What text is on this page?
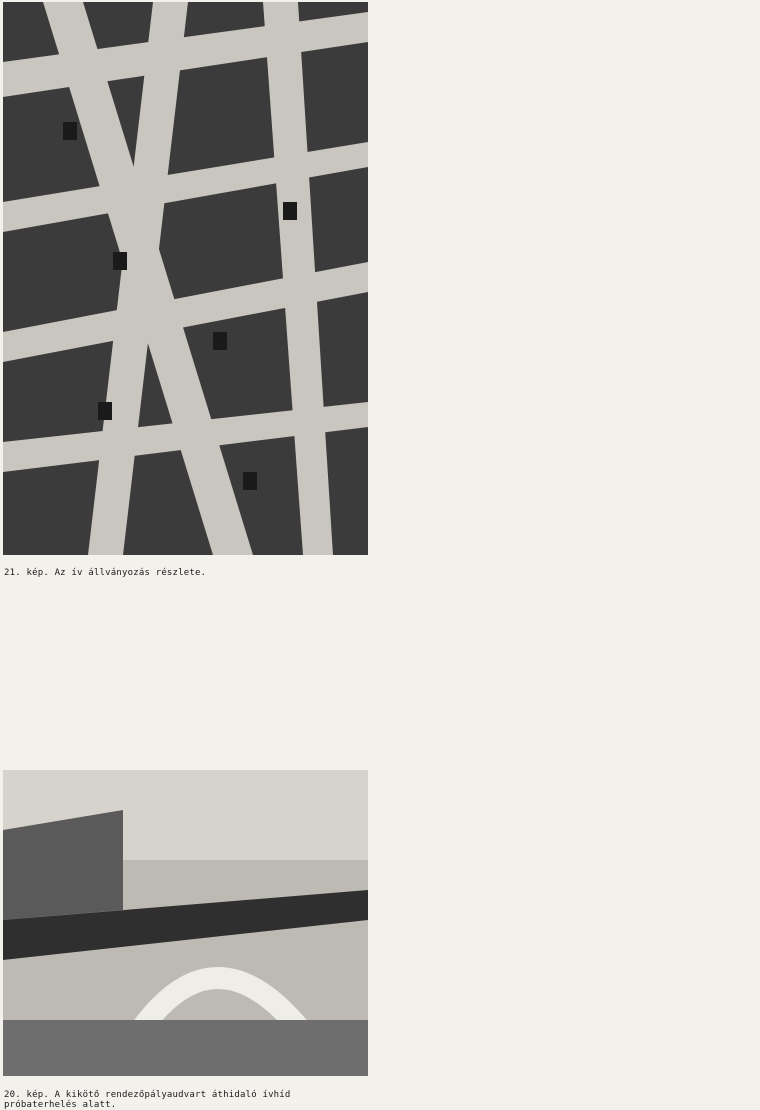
21. kép. Az ív állványozás részlete.
20. kép. A kikötő rendezőpályaudvart áthidaló ívhíd próbaterhelés alatt.
